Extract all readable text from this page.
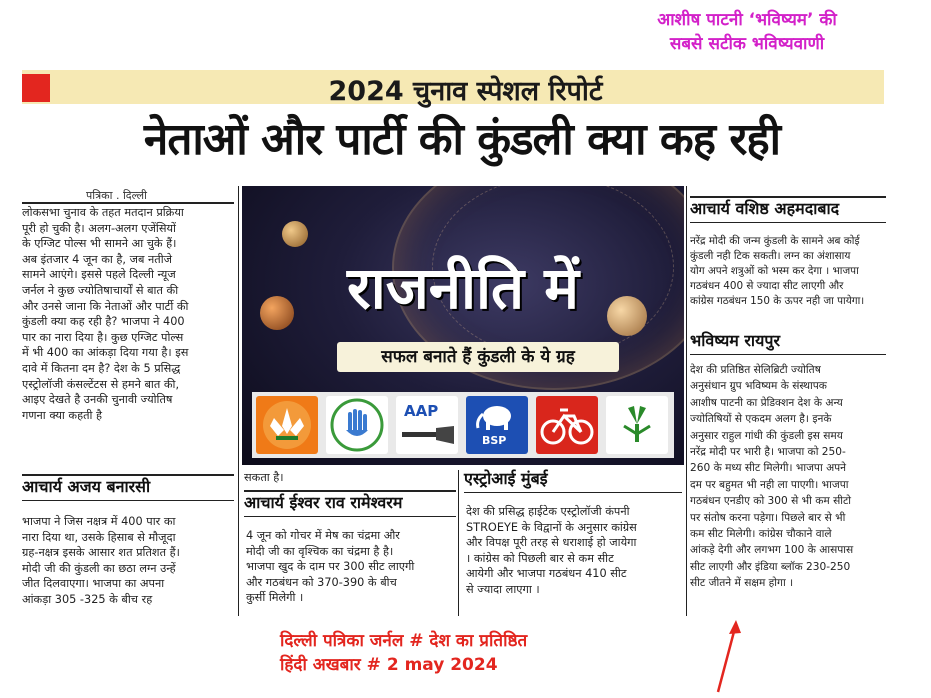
आशीष पाटनी ‘भविष्यम’ की
सबसे सटीक भविष्यवाणी
2024 चुनाव स्पेशल रिपोर्ट
नेताओं और पार्टी की कुंडली क्या कह रही
पत्रिका . दिल्ली
लोकसभा चुनाव के तहत मतदान प्रक्रिया
पूरी हो चुकी है। अलग-अलग एजेंसियों
के एग्जिट पोल्स भी सामने आ चुके हैं।
अब इंतजार 4 जून का है, जब नतीजे
सामने आएंगे। इससे पहले दिल्ली न्यूज
जर्नल ने कुछ ज्योतिषाचार्यों से बात की
और उनसे जाना कि नेताओं और पार्टी की
कुंडली क्या कह रही है? भाजपा ने 400
पार का नारा दिया है। कुछ एग्जिट पोल्स
में भी 400 का आंकड़ा दिया गया है। इस
दावे में कितना दम है? देश के 5 प्रसिद्ध
एस्ट्रोलॉजी कंसल्टेंटस से हमने बात की,
आइए देखते है उनकी चुनावी ज्योतिष
गणना क्या कहती है
आचार्य अजय बनारसी
भाजपा ने जिस नक्षत्र में 400 पार का
नारा दिया था, उसके हिसाब से मौजूदा
ग्रह-नक्षत्र इसके आसार शत प्रतिशत हैं।
मोदी जी की कुंडली का छठा लग्न उन्हें
जीत दिलवाएगा। भाजपा का अपना
आंकड़ा 305 -325 के बीच रह
राजनीति में
सफल बनाते हैं कुंडली के ये ग्रह
AAP
BSP
सकता है।
आचार्य ईश्वर राव रामेश्वरम
4 जून को गोचर में मेष का चंद्रमा और
मोदी जी का वृश्चिक का चंद्रमा है है।
भाजपा खुद के दाम पर 300 सीट लाएगी
और गठबंधन को 370-390 के बीच
कुर्सी मिलेगी ।
एस्ट्रोआई मुंबई
देश की प्रसिद्ध हाईटेक एस्ट्रोलॉजी कंपनी
STROEYE के विद्वानों के अनुसार कांग्रेस
और विपक्ष पूरी तरह से धराशाई हो जायेगा
। कांग्रेस को पिछली बार से कम सीट
आयेगी और भाजपा गठबंधन 410 सीट
से ज्यादा लाएगा ।
आचार्य वशिष्ठ अहमदाबाद
नरेंद्र मोदी की जन्म कुंडली के सामने अब कोई
कुंडली नही टिक सकती। लग्न का अंशासाय
योग अपने शत्रुओं को भस्म कर देगा । भाजपा
गठबंधन 400 से ज्यादा सीट लाएगी और
कांग्रेस गठबंधन 150 के ऊपर नही जा पायेगा।
भविष्यम रायपुर
देश की प्रतिष्ठित सेलिब्रिटी ज्योतिष
अनुसंधान ग्रुप भविष्यम के संस्थापक
आशीष पाटनी का प्रेडिक्शन देश के अन्य
ज्योतिषियों से एकदम अलग है। इनके
अनुसार राहुल गांधी की कुंडली इस समय
नरेंद्र मोदी पर भारी है। भाजपा को 250-
260 के मध्य सीट मिलेगी। भाजपा अपने
दम पर बहुमत भी नही ला पाएगी। भाजपा
गठबंधन एनडीए को 300 से भी कम सीटो
पर संतोष करना पड़ेगा। पिछले बार से भी
कम सीट मिलेगी। कांग्रेस चौकाने वाले
आंकड़े देगी और लगभग 100 के आसपास
सीट लाएगी और इंडिया ब्लॉक 230-250
सीट जीतने में सक्षम होगा ।
दिल्ली पत्रिका जर्नल # देश का प्रतिष्ठित
हिंदी अखबार # 2 may 2024
